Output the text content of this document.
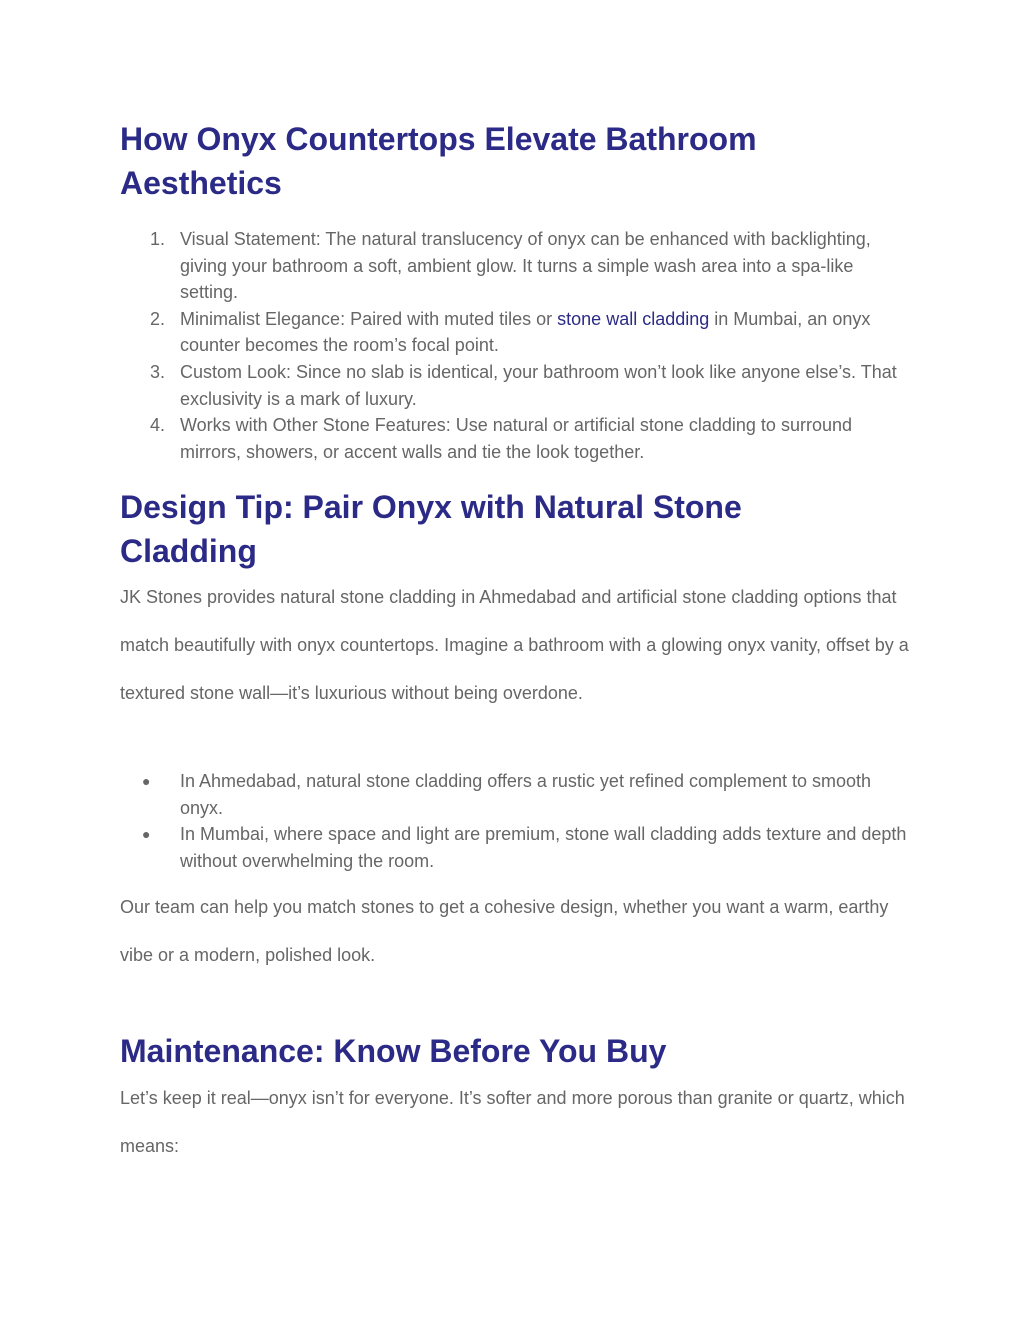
How Onyx Countertops Elevate Bathroom Aesthetics
1. Visual Statement: The natural translucency of onyx can be enhanced with backlighting, giving your bathroom a soft, ambient glow. It turns a simple wash area into a spa-like setting.
2. Minimalist Elegance: Paired with muted tiles or stone wall cladding in Mumbai, an onyx counter becomes the room’s focal point.
3. Custom Look: Since no slab is identical, your bathroom won’t look like anyone else’s. That exclusivity is a mark of luxury.
4. Works with Other Stone Features: Use natural or artificial stone cladding to surround mirrors, showers, or accent walls and tie the look together.
Design Tip: Pair Onyx with Natural Stone Cladding

JK Stones provides natural stone cladding in Ahmedabad and artificial stone cladding options that match beautifully with onyx countertops. Imagine a bathroom with a glowing onyx vanity, offset by a textured stone wall—it’s luxurious without being overdone.

●	In Ahmedabad, natural stone cladding offers a rustic yet refined complement to smooth onyx.
●	In Mumbai, where space and light are premium, stone wall cladding adds texture and depth without overwhelming the room.

Our team can help you match stones to get a cohesive design, whether you want a warm, earthy vibe or a modern, polished look.

Maintenance: Know Before You Buy

Let’s keep it real—onyx isn’t for everyone. It’s softer and more porous than granite or quartz, which means:
